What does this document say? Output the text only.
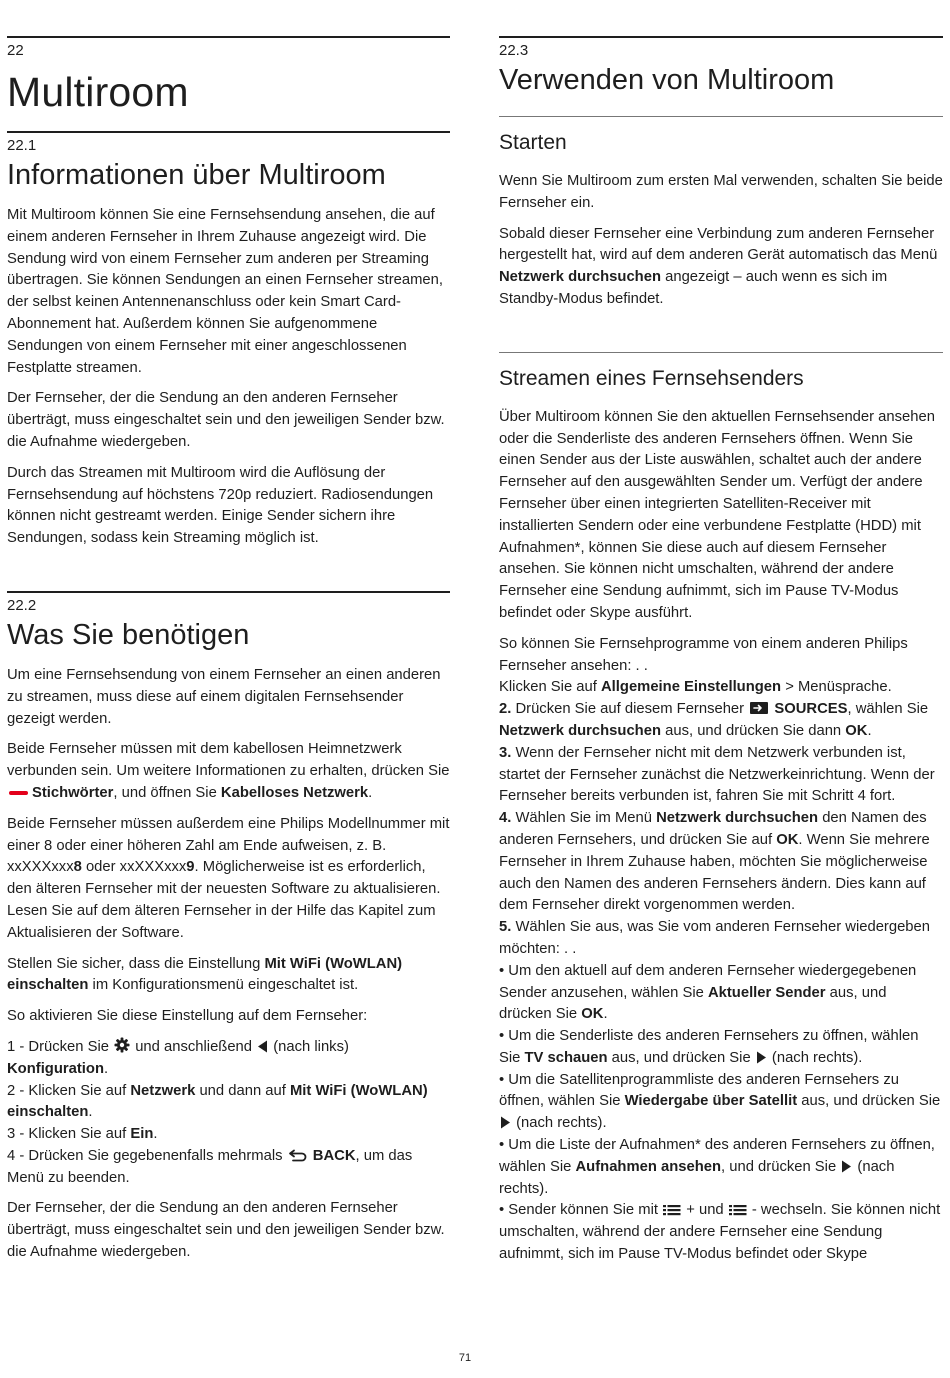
22
Multiroom
22.1
Informationen über Multiroom

Mit Multiroom können Sie eine Fernsehsendung ansehen, die auf einem anderen Fernseher in Ihrem Zuhause angezeigt wird. Die Sendung wird von einem Fernseher zum anderen per Streaming übertragen. Sie können Sendungen an einen Fernseher streamen, der selbst keinen Antennenanschluss oder kein Smart Card-Abonnement hat. Außerdem können Sie aufgenommene Sendungen von einem Fernseher mit einer angeschlossenen Festplatte streamen.

Der Fernseher, der die Sendung an den anderen Fernseher überträgt, muss eingeschaltet sein und den jeweiligen Sender bzw. die Aufnahme wiedergeben.

Durch das Streamen mit Multiroom wird die Auflösung der Fernsehsendung auf höchstens 720p reduziert. Radiosendungen können nicht gestreamt werden. Einige Sender sichern ihre Sendungen, sodass kein Streaming möglich ist.

22.2
Was Sie benötigen

Um eine Fernsehsendung von einem Fernseher an einen anderen zu streamen, muss diese auf einem digitalen Fernsehsender gezeigt werden.

Beide Fernseher müssen mit dem kabellosen Heimnetzwerk verbunden sein. Um weitere Informationen zu erhalten, drücken Sie Stichwörter, und öffnen Sie Kabelloses Netzwerk.

Beide Fernseher müssen außerdem eine Philips Modellnummer mit einer 8 oder einer höheren Zahl am Ende aufweisen, z. B. xxXXXxxx8 oder xxXXXxxx9. Möglicherweise ist es erforderlich, den älteren Fernseher mit der neuesten Software zu aktualisieren. Lesen Sie auf dem älteren Fernseher in der Hilfe das Kapitel zum Aktualisieren der Software.

Stellen Sie sicher, dass die Einstellung Mit WiFi (WoWLAN) einschalten im Konfigurationsmenü eingeschaltet ist.

So aktivieren Sie diese Einstellung auf dem Fernseher:

1 - Drücken Sie  und anschließend  (nach links) Konfiguration.

2 - Klicken Sie auf Netzwerk und dann auf Mit WiFi (WoWLAN) einschalten.

3 - Klicken Sie auf Ein.

4 - Drücken Sie gegebenenfalls mehrmals  BACK, um das Menü zu beenden.

Der Fernseher, der die Sendung an den anderen Fernseher überträgt, muss eingeschaltet sein und den jeweiligen Sender bzw. die Aufnahme wiedergeben.

22.3
Verwenden von Multiroom
Starten

Wenn Sie Multiroom zum ersten Mal verwenden, schalten Sie beide Fernseher ein.

Sobald dieser Fernseher eine Verbindung zum anderen Fernseher hergestellt hat, wird auf dem anderen Gerät automatisch das Menü Netzwerk durchsuchen angezeigt – auch wenn es sich im Standby-Modus befindet.

Streamen eines Fernsehsenders

Über Multiroom können Sie den aktuellen Fernsehsender ansehen oder die Senderliste des anderen Fernsehers öffnen. Wenn Sie einen Sender aus der Liste auswählen, schaltet auch der andere Fernseher auf den ausgewählten Sender um. Verfügt der andere Fernseher über einen integrierten Satelliten-Receiver mit installierten Sendern oder eine verbundene Festplatte (HDD) mit Aufnahmen*, können Sie diese auch auf diesem Fernseher ansehen. Sie können nicht umschalten, während der andere Fernseher eine Sendung aufnimmt, sich im Pause TV-Modus befindet oder Skype ausführt.

So können Sie Fernsehprogramme von einem anderen Philips Fernseher ansehen: . .

Klicken Sie auf Allgemeine Einstellungen > Menüsprache.

2. Drücken Sie auf diesem Fernseher  SOURCES, wählen Sie Netzwerk durchsuchen aus, und drücken Sie dann OK.

3. Wenn der Fernseher nicht mit dem Netzwerk verbunden ist, startet der Fernseher zunächst die Netzwerkeinrichtung. Wenn der Fernseher bereits verbunden ist, fahren Sie mit Schritt 4 fort.

4. Wählen Sie im Menü Netzwerk durchsuchen den Namen des anderen Fernsehers, und drücken Sie auf OK. Wenn Sie mehrere Fernseher in Ihrem Zuhause haben, möchten Sie möglicherweise auch den Namen des anderen Fernsehers ändern. Dies kann auf dem Fernseher direkt vorgenommen werden.

5. Wählen Sie aus, was Sie vom anderen Fernseher wiedergeben möchten: . .

• Um den aktuell auf dem anderen Fernseher wiedergegebenen Sender anzusehen, wählen Sie Aktueller Sender aus, und drücken Sie OK.

• Um die Senderliste des anderen Fernsehers zu öffnen, wählen Sie TV schauen aus, und drücken Sie  (nach rechts).

• Um die Satellitenprogrammliste des anderen Fernsehers zu öffnen, wählen Sie Wiedergabe über Satellit aus, und drücken Sie  (nach rechts).

• Um die Liste der Aufnahmen* des anderen Fernsehers zu öffnen, wählen Sie Aufnahmen ansehen, und drücken Sie  (nach rechts).

• Sender können Sie mit  + und  - wechseln. Sie können nicht umschalten, während der andere Fernseher eine Sendung aufnimmt, sich im Pause TV-Modus befindet oder Skype

71
